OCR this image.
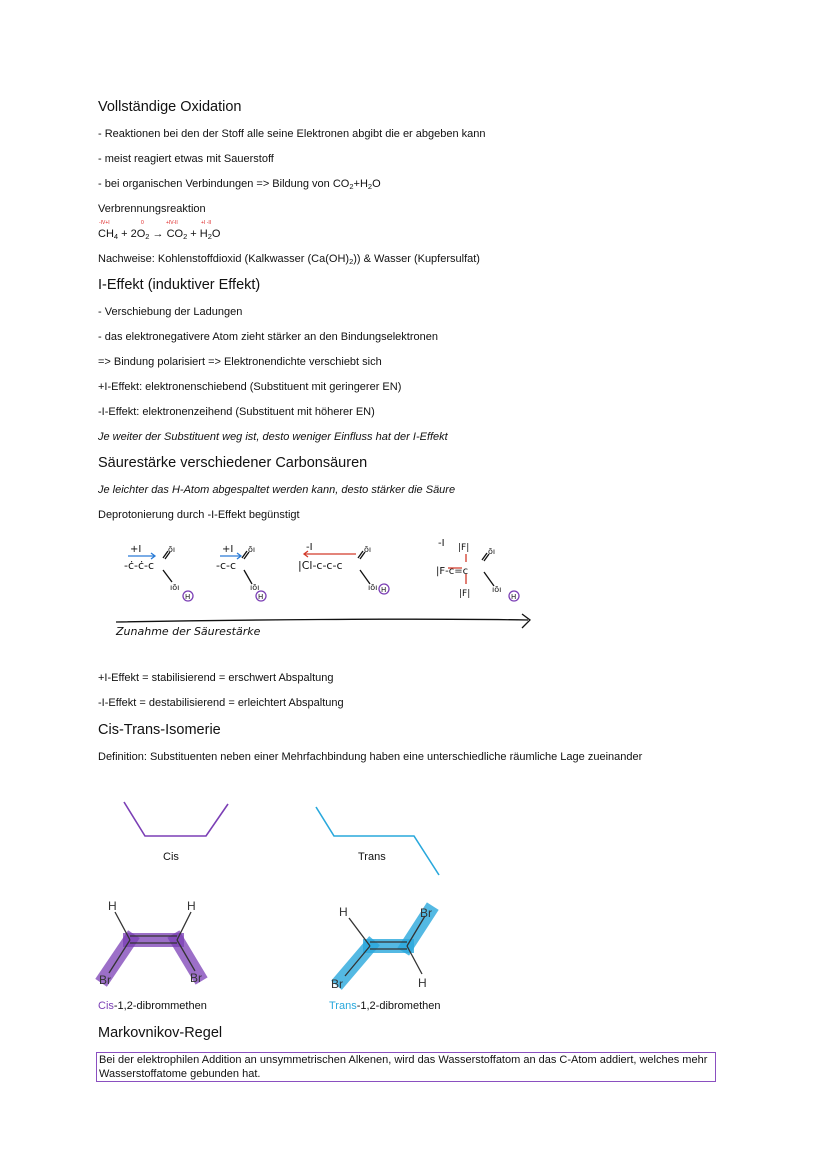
Vollständige Oxidation
- Reaktionen bei den der Stoff alle seine Elektronen abgibt die er abgeben kann
- meist reagiert etwas mit Sauerstoff
- bei organischen Verbindungen => Bildung von $CO_2+H_2O$
Verbrennungsreaktion
-IV+I	0	+IV-II	+I -II
$CH_4 + 2O_2 \to CO_2 + H_2O$
Nachweise: Kohlenstoffdioxid (Kalkwasser $(Ca(OH)_2)$) & Wasser (Kupfersulfat)
I-Effekt (induktiver Effekt)
- Verschiebung der Ladungen
- das elektronegativere Atom zieht stärker an den Bindungselektronen
=> Bindung polarisiert => Elektronendichte verschiebt sich
+I-Effekt: elektronenschiebend (Substituent mit geringerer EN)
-I-Effekt: elektronenzeihend (Substituent mit höherer EN)
Je weiter der Substituent weg ist, desto weniger Einfluss hat der I-Effekt
Säurestärke verschiedener Carbonsäuren
Je leichter das H-Atom abgespaltet werden kann, desto stärker die Säure
Deprotonierung durch -I-Effekt begünstigt
+I
-ċ-ċ-c
ōı
ıōı
H
+I
-c-c
ōı
ıōı
H
-I
|Cl-c-c-c
ōı
ıōı H
-I |F|
|F-c=c
|F|
ōı
ıōı
H
Zunahme der Säurestärke
+I-Effekt = stabilisierend = erschwert Abspaltung
-I-Effekt = destabilisierend = erleichtert Abspaltung
Cis-Trans-Isomerie
Definition: Substituenten neben einer Mehrfachbindung haben eine unterschiedliche räumliche Lage zueinander
Cis	Trans
H	H
Br	Br
H	Br
Br	H
Cis-1,2-dibrommethen	Trans-1,2-dibromethen
Markovnikov-Regel
Bei der elektrophilen Addition an unsymmetrischen Alkenen, wird das Wasserstoffatom an das C-Atom addiert, welches mehr
Wasserstoffatome gebunden hat.
